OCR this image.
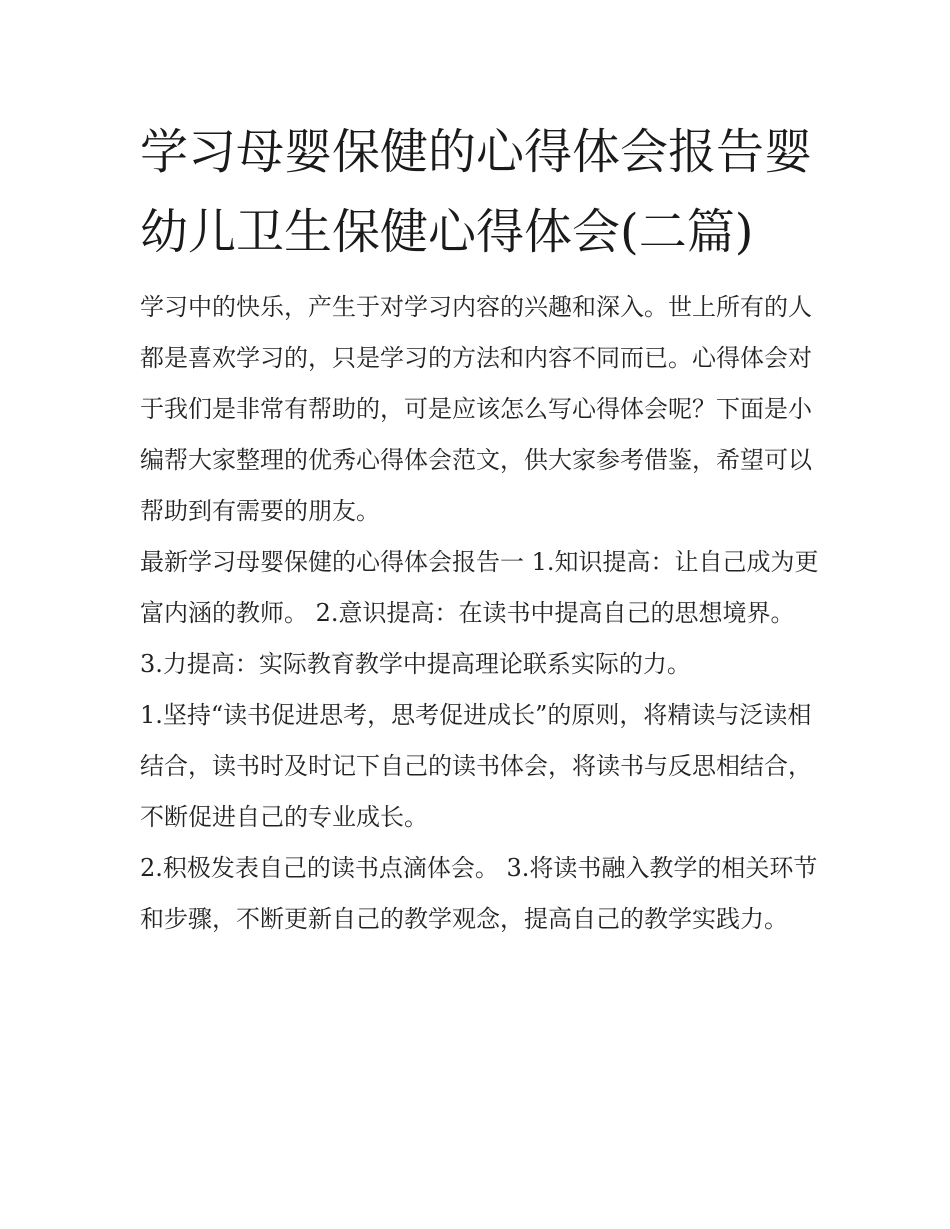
学习母婴保健的心得体会报告婴幼儿卫生保健心得体会(二篇)

学习中的快乐，产生于对学习内容的兴趣和深入。世上所有的人都是喜欢学习的，只是学习的方法和内容不同而已。心得体会对于我们是非常有帮助的，可是应该怎么写心得体会呢？下面是小编帮大家整理的优秀心得体会范文，供大家参考借鉴，希望可以帮助到有需要的朋友。

最新学习母婴保健的心得体会报告一 1.知识提高：让自己成为更富内涵的教师。 2.意识提高：在读书中提高自己的思想境界。

3.力提高：实际教育教学中提高理论联系实际的力。

1.坚持“读书促进思考，思考促进成长”的原则，将精读与泛读相结合，读书时及时记下自己的读书体会，将读书与反思相结合，不断促进自己的专业成长。

2.积极发表自己的读书点滴体会。 3.将读书融入教学的相关环节和步骤，不断更新自己的教学观念，提高自己的教学实践力。
